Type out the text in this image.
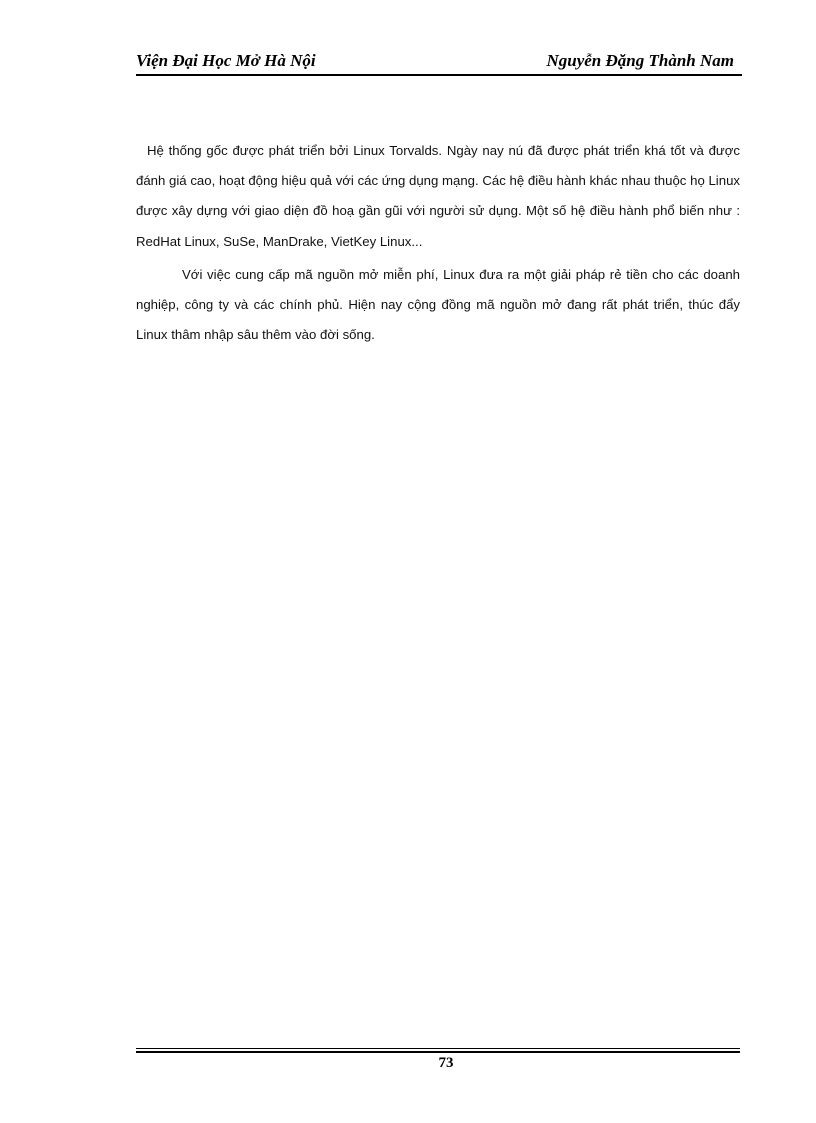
Viện Đại Học Mở Hà Nội	Nguyễn Đặng Thành Nam

Hệ thống gốc được phát triển bởi Linux Torvalds. Ngày nay nú đã được phát triển khá tốt và được đánh giá cao, hoạt động hiệu quả với các ứng dụng mạng. Các hệ điều hành khác nhau thuộc họ Linux được xây dựng với giao diện đồ hoạ gần gũi với người sử dụng. Một số hệ điều hành phổ biến như : RedHat Linux, SuSe, ManDrake, VietKey Linux...

Với việc cung cấp mã nguồn mở miễn phí, Linux đưa ra một giải pháp rẻ tiền cho các doanh nghiệp, công ty và các chính phủ. Hiện nay cộng đồng mã nguồn mở đang rất phát triển, thúc đẩy Linux thâm nhập sâu thêm vào đời sống.

73
